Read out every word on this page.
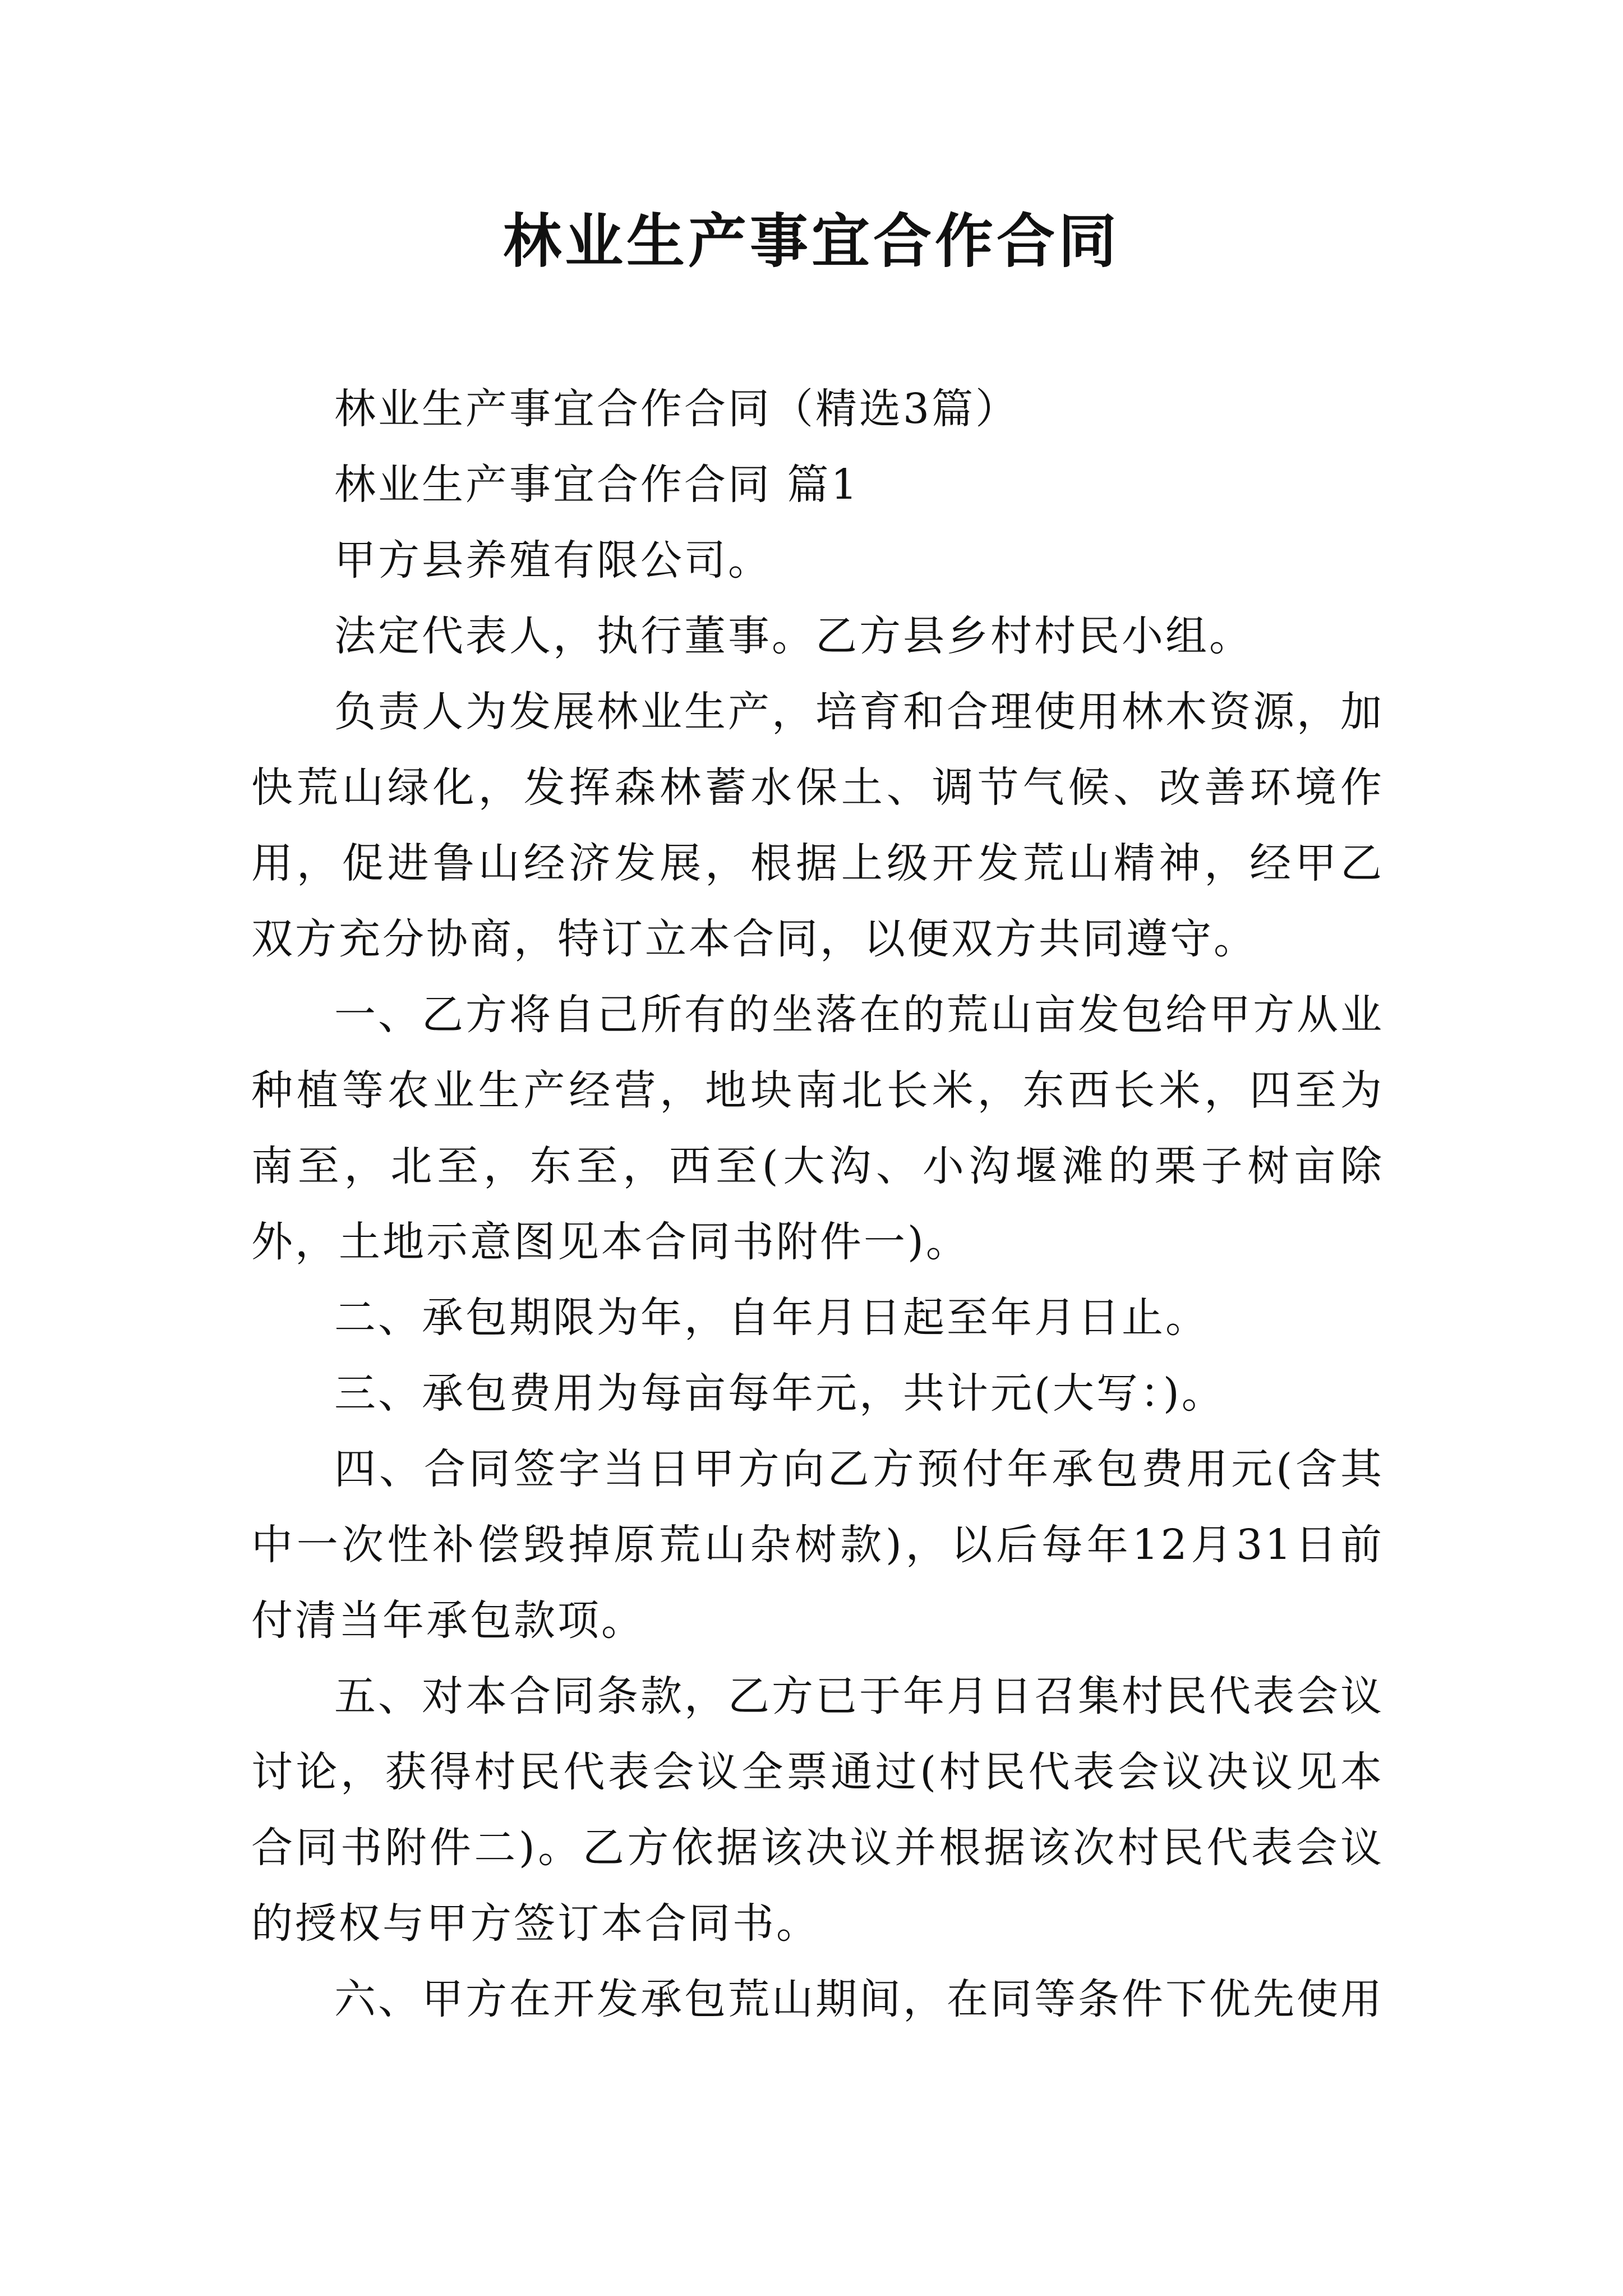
林业生产事宜合作合同

林业生产事宜合作合同（精选3篇）

林业生产事宜合作合同 篇1

甲方县养殖有限公司。

法定代表人，执行董事。乙方县乡村村民小组。

负责人为发展林业生产，培育和合理使用林木资源，加快荒山绿化，发挥森林蓄水保土、调节气候、改善环境作用，促进鲁山经济发展，根据上级开发荒山精神，经甲乙双方充分协商，特订立本合同，以便双方共同遵守。

一、乙方将自己所有的坐落在的荒山亩发包给甲方从业种植等农业生产经营，地块南北长米，东西长米，四至为南至，北至，东至，西至(大沟、小沟堰滩的栗子树亩除外，土地示意图见本合同书附件一)。

二、承包期限为年，自年月日起至年月日止。

三、承包费用为每亩每年元，共计元(大写：)。

四、合同签字当日甲方向乙方预付年承包费用元(含其中一次性补偿毁掉原荒山杂树款)，以后每年12月31日前付清当年承包款项。

五、对本合同条款，乙方已于年月日召集村民代表会议讨论，获得村民代表会议全票通过(村民代表会议决议见本合同书附件二)。乙方依据该决议并根据该次村民代表会议的授权与甲方签订本合同书。

六、甲方在开发承包荒山期间，在同等条件下优先使用
